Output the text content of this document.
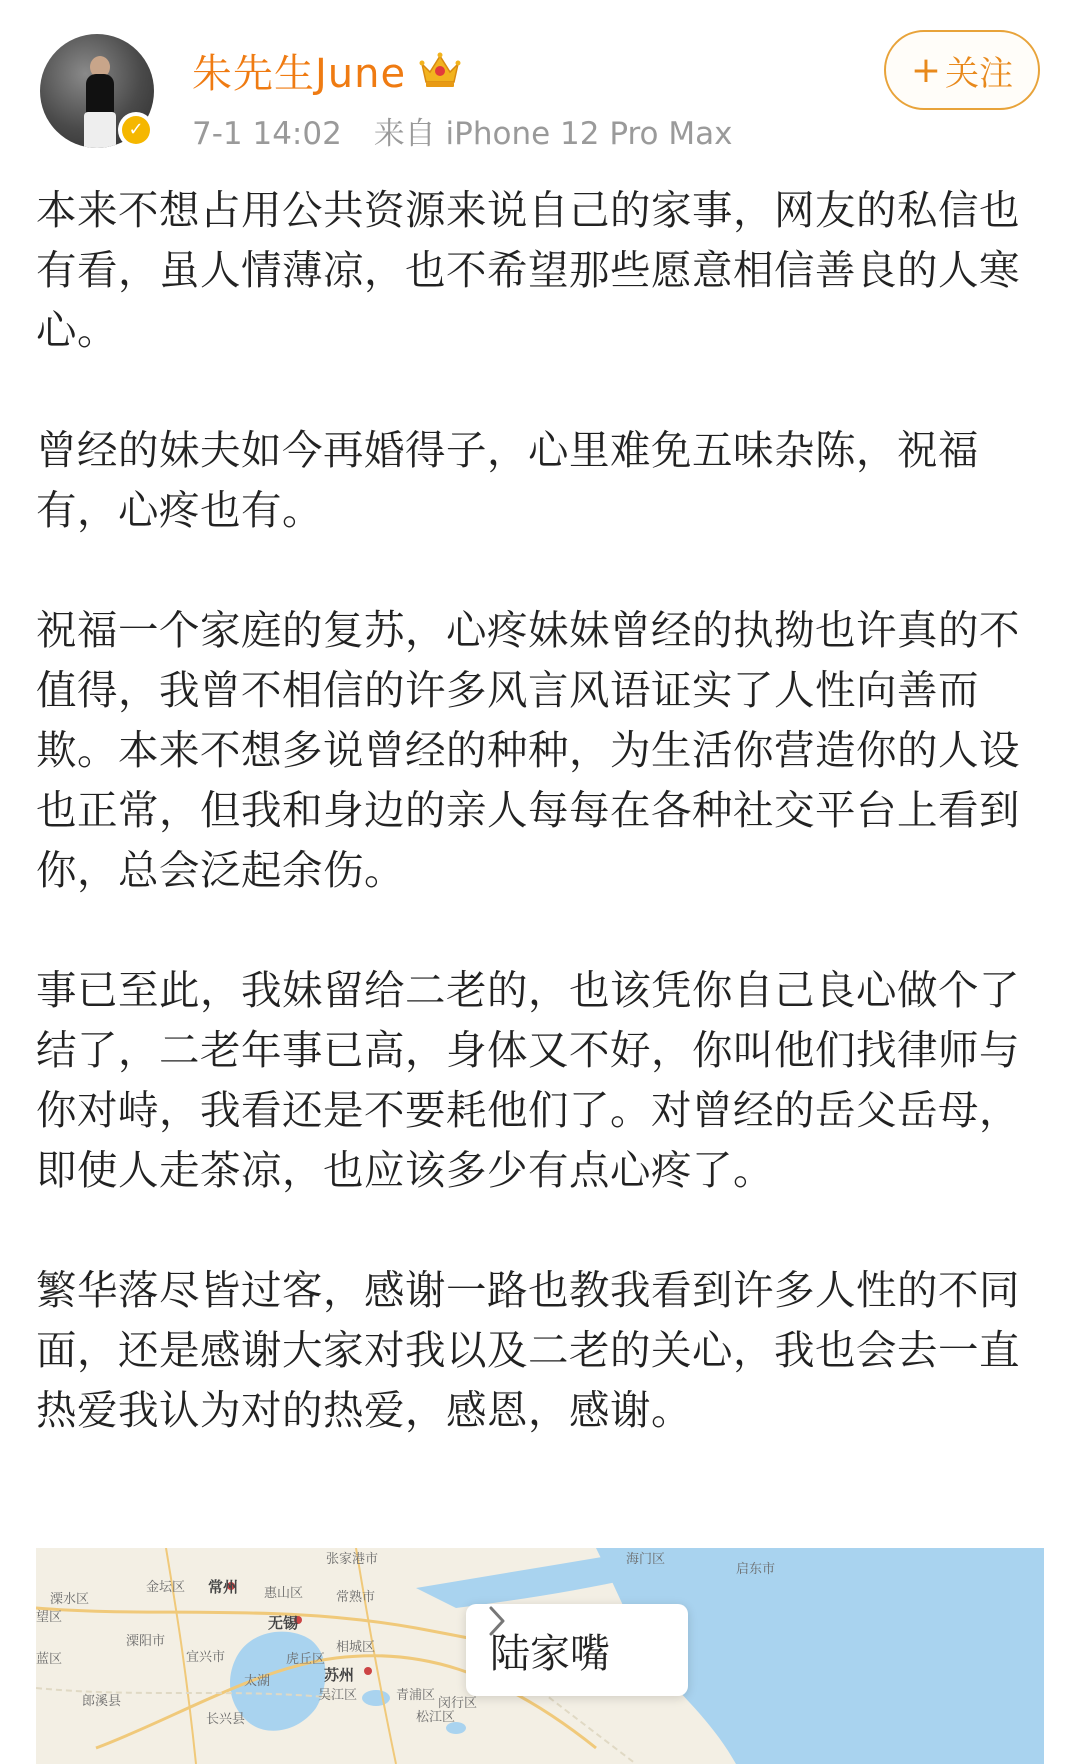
✓
朱先生June
7-1 14:02 来自 iPhone 12 Pro Max
+ 关注

本来不想占用公共资源来说自己的家事，网友的私信也有看，虽人情薄凉，也不希望那些愿意相信善良的人寒心。

曾经的妹夫如今再婚得子，心里难免五味杂陈，祝福有，心疼也有。

祝福一个家庭的复苏，心疼妹妹曾经的执拗也许真的不值得，我曾不相信的许多风言风语证实了人性向善而欺。本来不想多说曾经的种种，为生活你营造你的人设也正常，但我和身边的亲人每每在各种社交平台上看到你，总会泛起余伤。

事已至此，我妹留给二老的，也该凭你自己良心做个了结了，二老年事已高，身体又不好，你叫他们找律师与你对峙，我看还是不要耗他们了。对曾经的岳父岳母，即使人走茶凉，也应该多少有点心疼了。

繁华落尽皆过客，感谢一路也教我看到许多人性的不同面，还是感谢大家对我以及二老的关心，我也会去一直热爱我认为对的热爱，感恩，感谢。

张家港市	海门区
启东市
溧水区
金坛区 常州 惠山区	常熟市
望区	无锡
溧阳市
宜兴市	虎丘区
相城区
太湖	苏州
吴江区	青浦区
松江区
郎溪县
长兴县
闵行区
蓝区	陆家嘴
